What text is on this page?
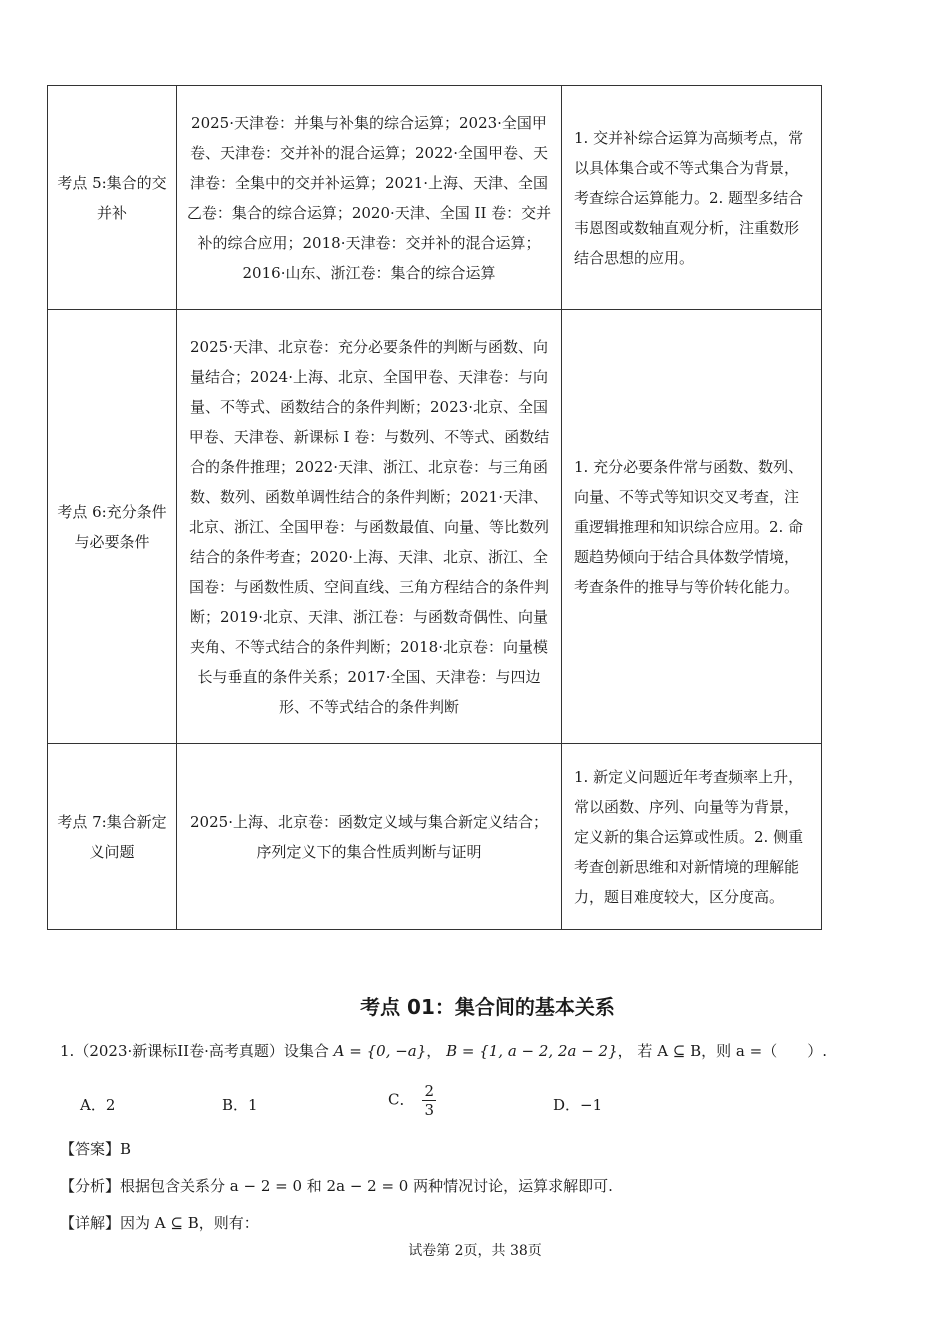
考点 5:集合的交并补	2025·天津卷：并集与补集的综合运算；2023·全国甲卷、天津卷：交并补的混合运算；2022·全国甲卷、天津卷：全集中的交并补运算；2021·上海、天津、全国乙卷：集合的综合运算；2020·天津、全国 II 卷：交并补的综合应用；2018·天津卷：交并补的混合运算；2016·山东、浙江卷：集合的综合运算	1. 交并补综合运算为高频考点，常以具体集合或不等式集合为背景，考查综合运算能力。2. 题型多结合韦恩图或数轴直观分析，注重数形结合思想的应用。
考点 6:充分条件与必要条件	2025·天津、北京卷：充分必要条件的判断与函数、向量结合；2024·上海、北京、全国甲卷、天津卷：与向量、不等式、函数结合的条件判断；2023·北京、全国甲卷、天津卷、新课标 I 卷：与数列、不等式、函数结合的条件推理；2022·天津、浙江、北京卷：与三角函数、数列、函数单调性结合的条件判断；2021·天津、北京、浙江、全国甲卷：与函数最值、向量、等比数列结合的条件考查；2020·上海、天津、北京、浙江、全国卷：与函数性质、空间直线、三角方程结合的条件判断；2019·北京、天津、浙江卷：与函数奇偶性、向量夹角、不等式结合的条件判断；2018·北京卷：向量模长与垂直的条件关系；2017·全国、天津卷：与四边形、不等式结合的条件判断	1. 充分必要条件常与函数、数列、向量、不等式等知识交叉考查，注重逻辑推理和知识综合应用。2. 命题趋势倾向于结合具体数学情境，考查条件的推导与等价转化能力。
考点 7:集合新定义问题	2025·上海、北京卷：函数定义域与集合新定义结合；序列定义下的集合性质判断与证明	1. 新定义问题近年考查频率上升，常以函数、序列、向量等为背景，定义新的集合运算或性质。2. 侧重考查创新思维和对新情境的理解能力，题目难度较大，区分度高。
考点 01：集合间的基本关系
1.（2023·新课标II卷·高考真题）设集合 A = {0, −a}， B = {1, a − 2, 2a − 2}， 若 A ⊆ B，则 a =（　　）.
A．2	B．1	C． $\frac{2}{3}$	D．−1
【答案】B
【分析】根据包含关系分 a − 2 = 0 和 2a − 2 = 0 两种情况讨论，运算求解即可.
【详解】因为 A ⊆ B，则有：
试卷第 2页，共 38页
